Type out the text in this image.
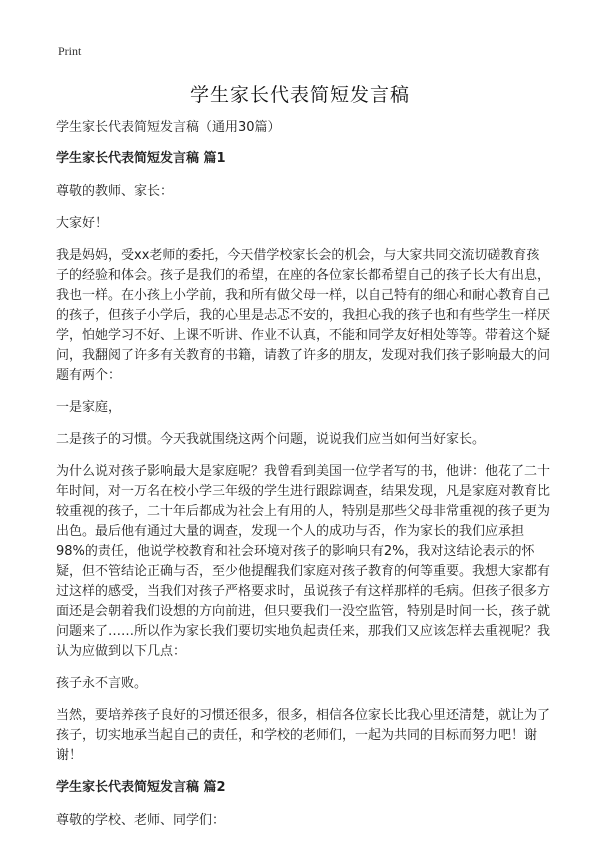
Print
学生家长代表简短发言稿

学生家长代表简短发言稿（通用30篇）

学生家长代表简短发言稿 篇1

尊敬的教师、家长：

大家好！

我是妈妈，受xx老师的委托，今天借学校家长会的机会，与大家共同交流切磋教育孩子的经验和体会。孩子是我们的希望，在座的各位家长都希望自己的孩子长大有出息，我也一样。在小孩上小学前，我和所有做父母一样，以自己特有的细心和耐心教育自己的孩子，但孩子小学后，我的心里是忐忑不安的，我担心我的孩子也和有些学生一样厌学，怕她学习不好、上课不听讲、作业不认真，不能和同学友好相处等等。带着这个疑问，我翻阅了许多有关教育的书籍，请教了许多的朋友，发现对我们孩子影响最大的问题有两个：

一是家庭，

二是孩子的习惯。今天我就围绕这两个问题，说说我们应当如何当好家长。

为什么说对孩子影响最大是家庭呢？我曾看到美国一位学者写的书，他讲：他花了二十年时间，对一万名在校小学三年级的学生进行跟踪调查，结果发现，凡是家庭对教育比较重视的孩子，二十年后都成为社会上有用的人，特别是那些父母非常重视的孩子更为出色。最后他有通过大量的调查，发现一个人的成功与否，作为家长的我们应承担98%的责任，他说学校教育和社会环境对孩子的影响只有2%，我对这结论表示的怀疑，但不管结论正确与否，至少他提醒我们家庭对孩子教育的何等重要。我想大家都有过这样的感受，当我们对孩子严格要求时，虽说孩子有这样那样的毛病。但孩子很多方面还是会朝着我们设想的方向前进，但只要我们一没空监管，特别是时间一长，孩子就问题来了……所以作为家长我们要切实地负起责任来，那我们又应该怎样去重视呢？我认为应做到以下几点：

孩子永不言败。

当然，要培养孩子良好的习惯还很多，很多，相信各位家长比我心里还清楚，就让为了孩子，切实地承当起自己的责任，和学校的老师们，一起为共同的目标而努力吧！谢谢！

学生家长代表简短发言稿 篇2

尊敬的学校、老师、同学们：
